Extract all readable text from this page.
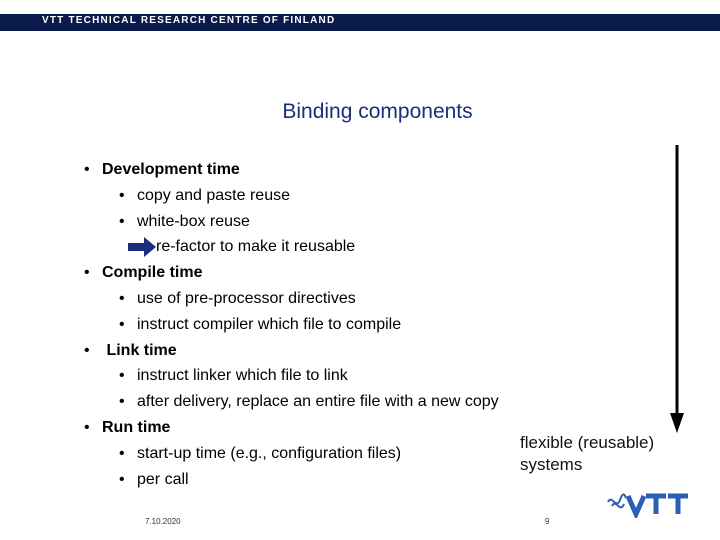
VTT TECHNICAL RESEARCH CENTRE OF FINLAND
Binding components
• Development time
• copy and paste reuse
• white-box reuse
re-factor to make it reusable
• Compile time
• use of pre-processor directives
• instruct compiler which file to compile
• Link time
• instruct linker which file to link
• after delivery, replace an entire file with a new copy
• Run time
• start-up time (e.g., configuration files)
• per call
flexible (reusable)
systems
7.10.2020	9
